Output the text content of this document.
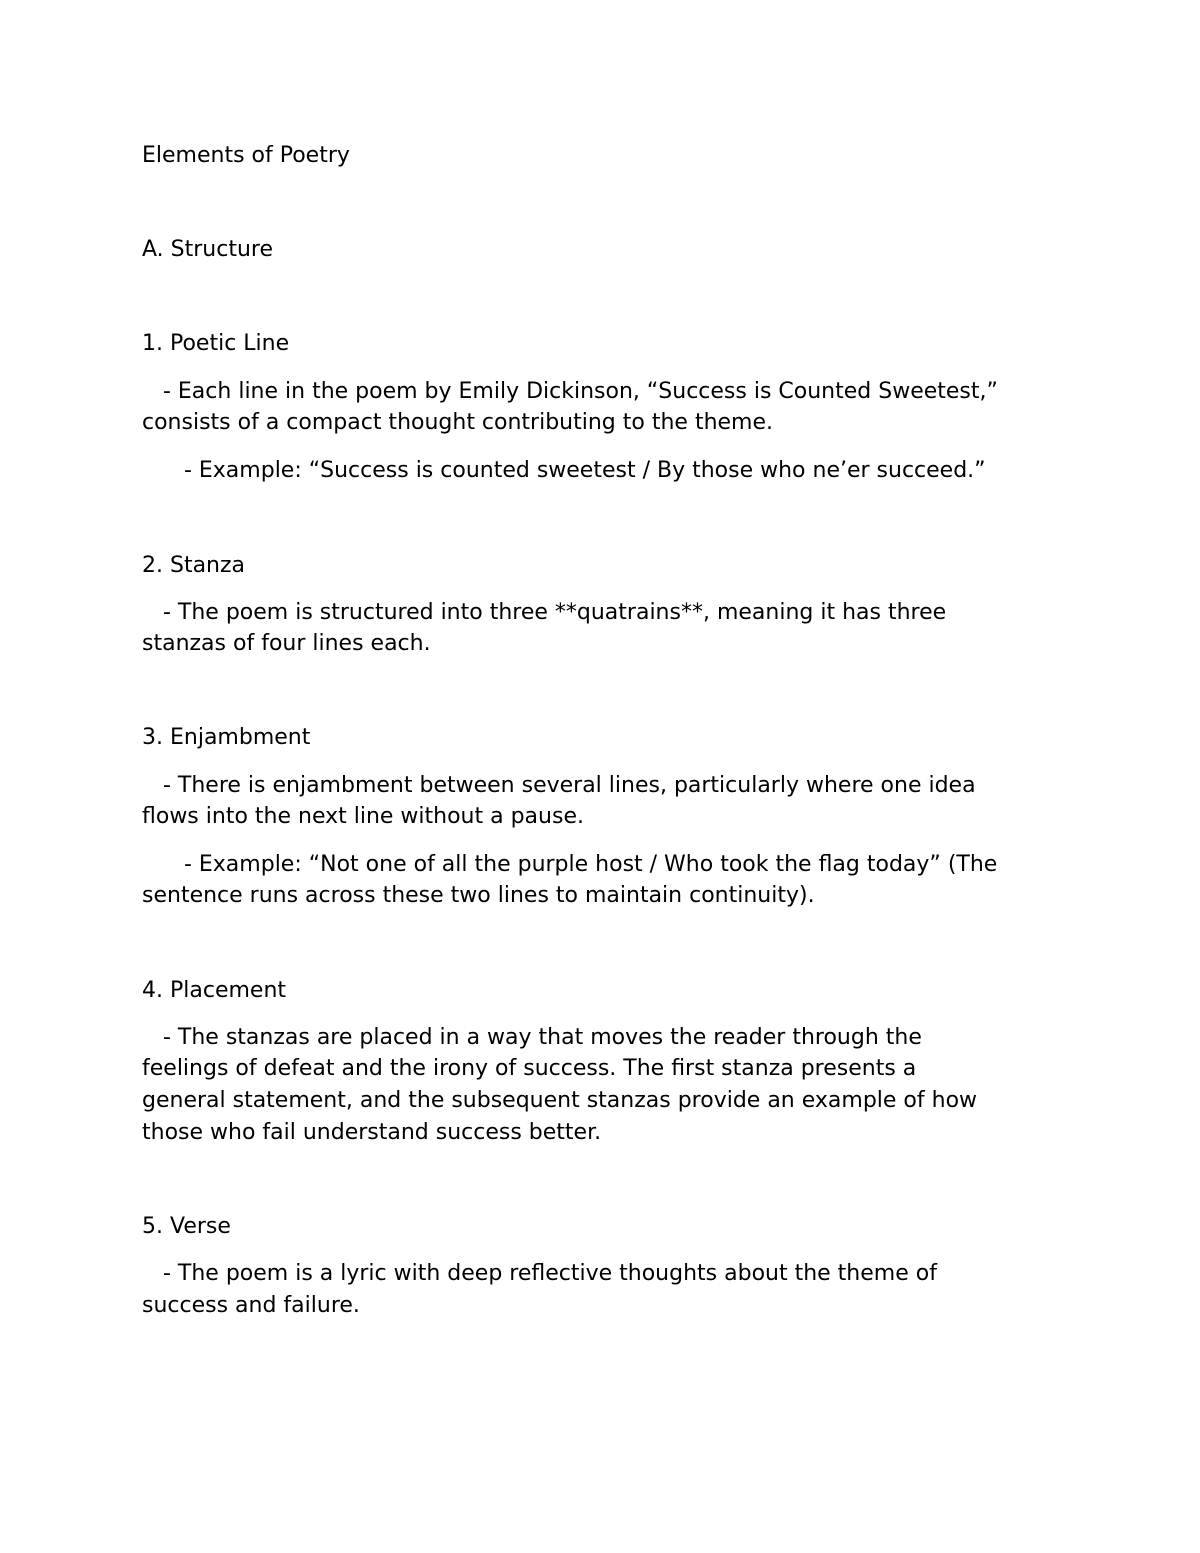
Elements of Poetry

A. Structure

1. Poetic Line

- Each line in the poem by Emily Dickinson, “Success is Counted Sweetest,”

consists of a compact thought contributing to the theme.

- Example: “Success is counted sweetest / By those who ne’er succeed.”

2. Stanza

- The poem is structured into three **quatrains**, meaning it has three

stanzas of four lines each.

3. Enjambment

- There is enjambment between several lines, particularly where one idea

flows into the next line without a pause.

- Example: “Not one of all the purple host / Who took the flag today” (The

sentence runs across these two lines to maintain continuity).

4. Placement

- The stanzas are placed in a way that moves the reader through the

feelings of defeat and the irony of success. The first stanza presents a

general statement, and the subsequent stanzas provide an example of how

those who fail understand success better.

5. Verse

- The poem is a lyric with deep reflective thoughts about the theme of

success and failure.
